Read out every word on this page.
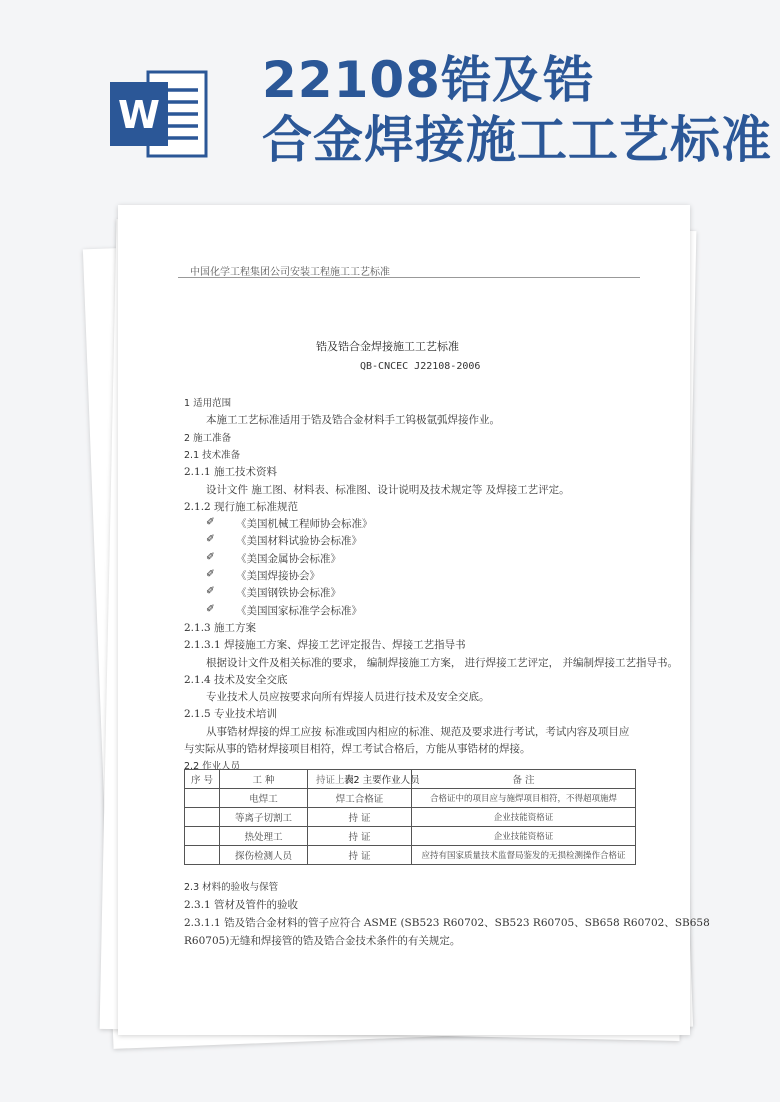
W
22108锆及锆
合金焊接施工工艺标准
中国化学工程集团公司安装工程施工工艺标准
锆及锆合金焊接施工工艺标准
QB-CNCEC J22108-2006
1 适用范围
本施工工艺标准适用于锆及锆合金材料手工钨极氩弧焊接作业。
2 施工准备
2.1 技术准备
2.1.1 施工技术资料
设计文件 施工图、材料表、标准图、设计说明及技术规定等 及焊接工艺评定。
2.1.2 现行施工标准规范
✐ 《美国机械工程师协会标准》
✐ 《美国材料试验协会标准》
✐ 《美国金属协会标准》
✐ 《美国焊接协会》
✐ 《美国钢铁协会标准》
✐ 《美国国家标准学会标准》
2.1.3 施工方案
2.1.3.1 焊接施工方案、焊接工艺评定报告、焊接工艺指导书
根据设计文件及相关标准的要求， 编制焊接施工方案， 进行焊接工艺评定， 并编制焊接工艺指导书。
2.1.4 技术及安全交底
专业技术人员应按要求向所有焊接人员进行技术及安全交底。
2.1.5 专业技术培训
从事锆材焊接的焊工应按 标准或国内相应的标准、规范及要求进行考试，考试内容及项目应
与实际从事的锆材焊接项目相符，焊工考试合格后，方能从事锆材的焊接。
2.2 作业人员
序 号	工 种	持证上岗	备 注
	电焊工	焊工合格证	合格证中的项目应与施焊项目相符，不得超项施焊
	等离子切割工	持 证	企业技能资格证
	热处理工	持 证	企业技能资格证
	探伤检测人员	持 证	应持有国家质量技术监督局鉴发的无损检测操作合格证
表2 主要作业人员
2.3 材料的验收与保管
2.3.1 管材及管件的验收
2.3.1.1 锆及锆合金材料的管子应符合 ASME (SB523 R60702、SB523 R60705、SB658 R60702、SB658
R60705)无缝和焊接管的锆及锆合金技术条件的有关规定。
